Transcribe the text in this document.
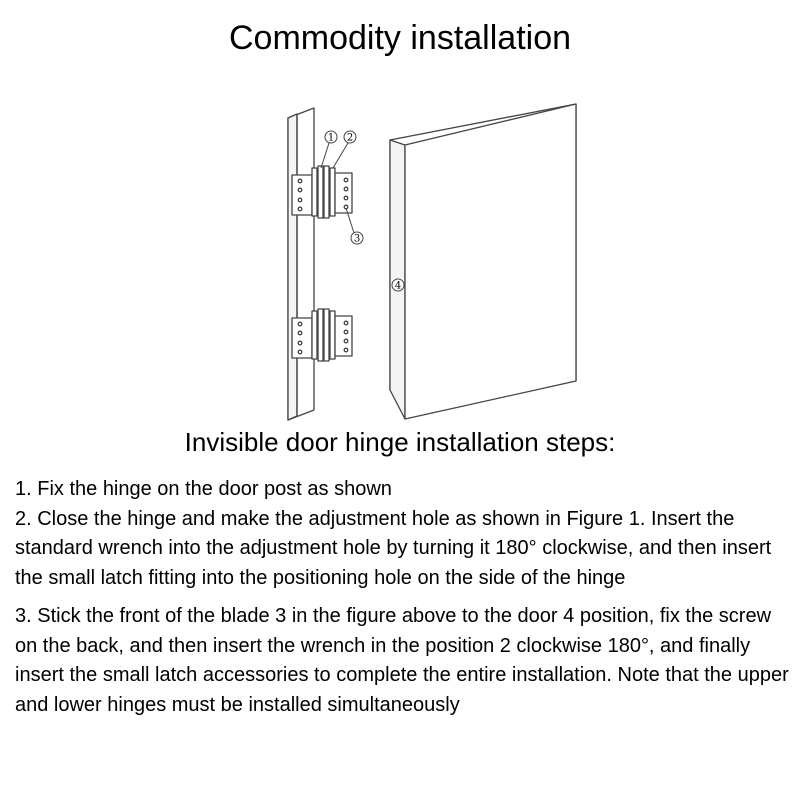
Commodity installation
1 2
3
4
Invisible door hinge installation steps:

1. Fix the hinge on the door post as shown

2. Close the hinge and make the adjustment hole as shown in Figure 1. Insert the standard wrench into the adjustment hole by turning it 180° clockwise, and then insert the small latch fitting into the positioning hole on the side of the hinge

3. Stick the front of the blade 3 in the figure above to the door 4 position, fix the screw on the back, and then insert the wrench in the position 2 clockwise 180°, and finally insert the small latch accessories to complete the entire installation. Note that the upper and lower hinges must be installed simultaneously
